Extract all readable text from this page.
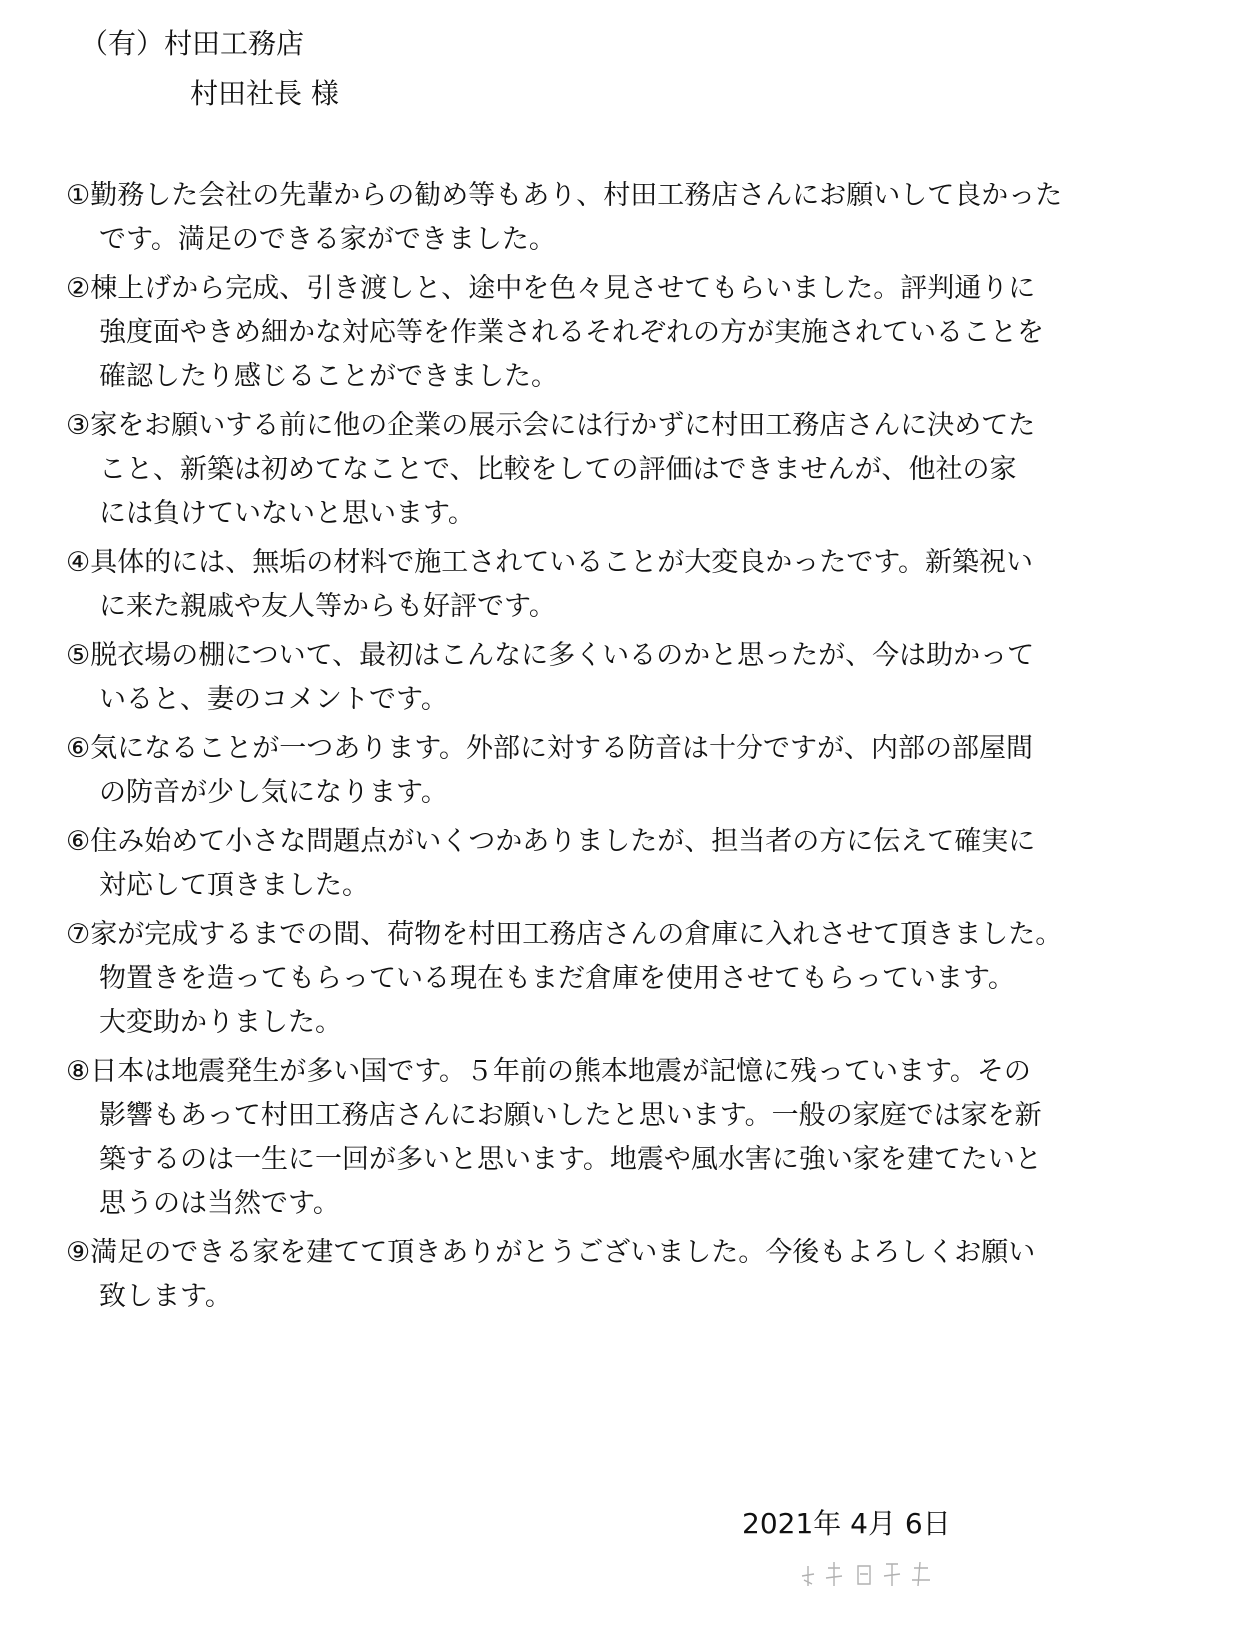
（有）村田工務店
村田社長 様
①勤務した会社の先輩からの勧め等もあり、村田工務店さんにお願いして良かった
です。満足のできる家ができました。
②棟上げから完成、引き渡しと、途中を色々見させてもらいました。評判通りに
強度面やきめ細かな対応等を作業されるそれぞれの方が実施されていることを
確認したり感じることができました。
③家をお願いする前に他の企業の展示会には行かずに村田工務店さんに決めてた
こと、新築は初めてなことで、比較をしての評価はできませんが、他社の家
には負けていないと思います。
④具体的には、無垢の材料で施工されていることが大変良かったです。新築祝い
に来た親戚や友人等からも好評です。
⑤脱衣場の棚について、最初はこんなに多くいるのかと思ったが、今は助かって
いると、妻のコメントです。
⑥気になることが一つあります。外部に対する防音は十分ですが、内部の部屋間
の防音が少し気になります。
⑥住み始めて小さな問題点がいくつかありましたが、担当者の方に伝えて確実に
対応して頂きました。
⑦家が完成するまでの間、荷物を村田工務店さんの倉庫に入れさせて頂きました。
物置きを造ってもらっている現在もまだ倉庫を使用させてもらっています。
大変助かりました。
⑧日本は地震発生が多い国です。５年前の熊本地震が記憶に残っています。その
影響もあって村田工務店さんにお願いしたと思います。一般の家庭では家を新
築するのは一生に一回が多いと思います。地震や風水害に強い家を建てたいと
思うのは当然です。
⑨満足のできる家を建てて頂きありがとうございました。今後もよろしくお願い
致します。
2021年 4月 6日
